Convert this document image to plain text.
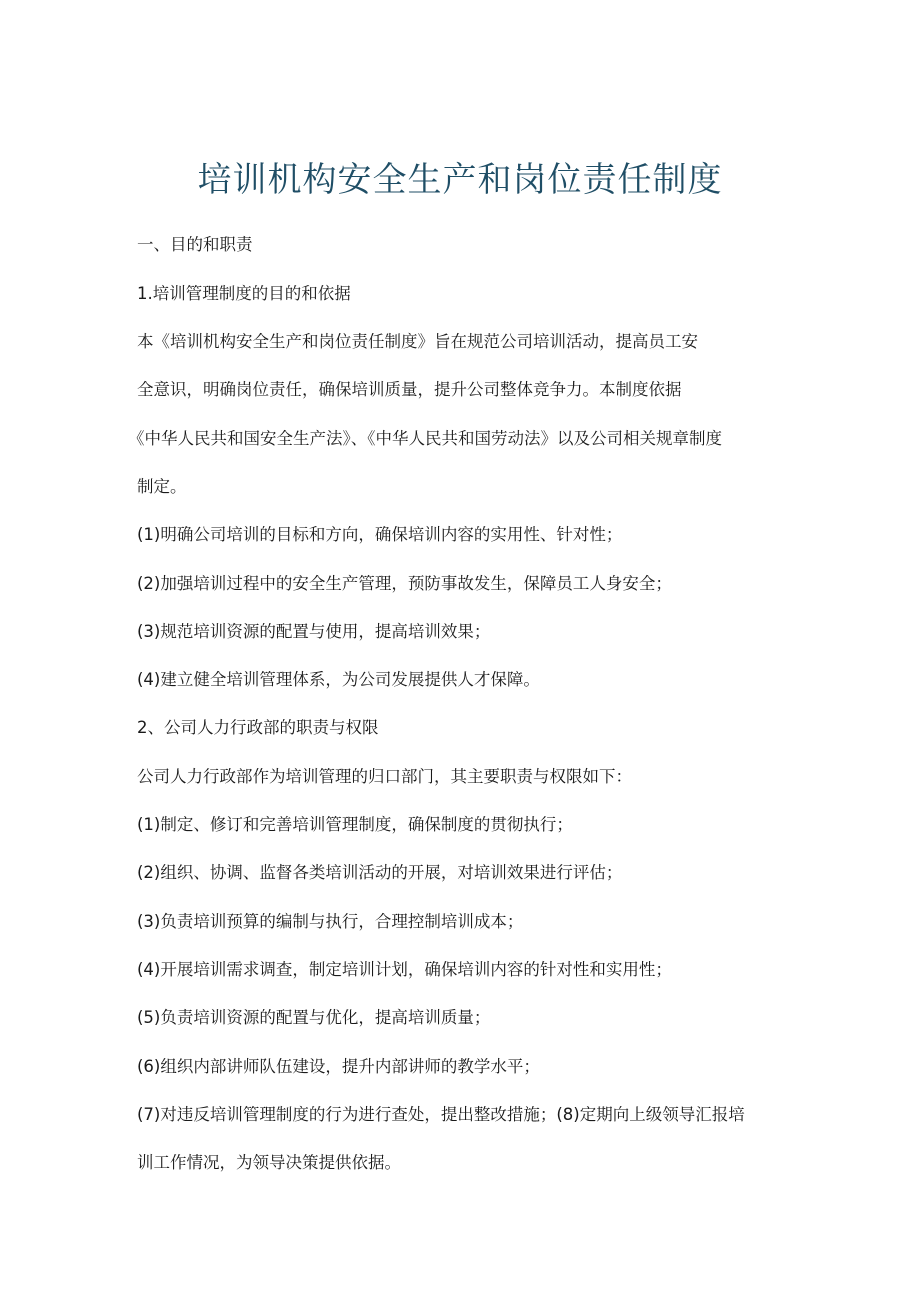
培训机构安全生产和岗位责任制度
一、目的和职责
1.培训管理制度的目的和依据
本《培训机构安全生产和岗位责任制度》旨在规范公司培训活动，提高员工安
全意识，明确岗位责任，确保培训质量，提升公司整体竞争力。本制度依据
《中华人民共和国安全生产法》、《中华人民共和国劳动法》以及公司相关规章制度
制定。
(1)明确公司培训的目标和方向，确保培训内容的实用性、针对性；
(2)加强培训过程中的安全生产管理，预防事故发生，保障员工人身安全；
(3)规范培训资源的配置与使用，提高培训效果；
(4)建立健全培训管理体系，为公司发展提供人才保障。
2、公司人力行政部的职责与权限
公司人力行政部作为培训管理的归口部门，其主要职责与权限如下：
(1)制定、修订和完善培训管理制度，确保制度的贯彻执行；
(2)组织、协调、监督各类培训活动的开展，对培训效果进行评估；
(3)负责培训预算的编制与执行，合理控制培训成本；
(4)开展培训需求调查，制定培训计划，确保培训内容的针对性和实用性；
(5)负责培训资源的配置与优化，提高培训质量；
(6)组织内部讲师队伍建设，提升内部讲师的教学水平；
(7)对违反培训管理制度的行为进行查处，提出整改措施；(8)定期向上级领导汇报培
训工作情况，为领导决策提供依据。
